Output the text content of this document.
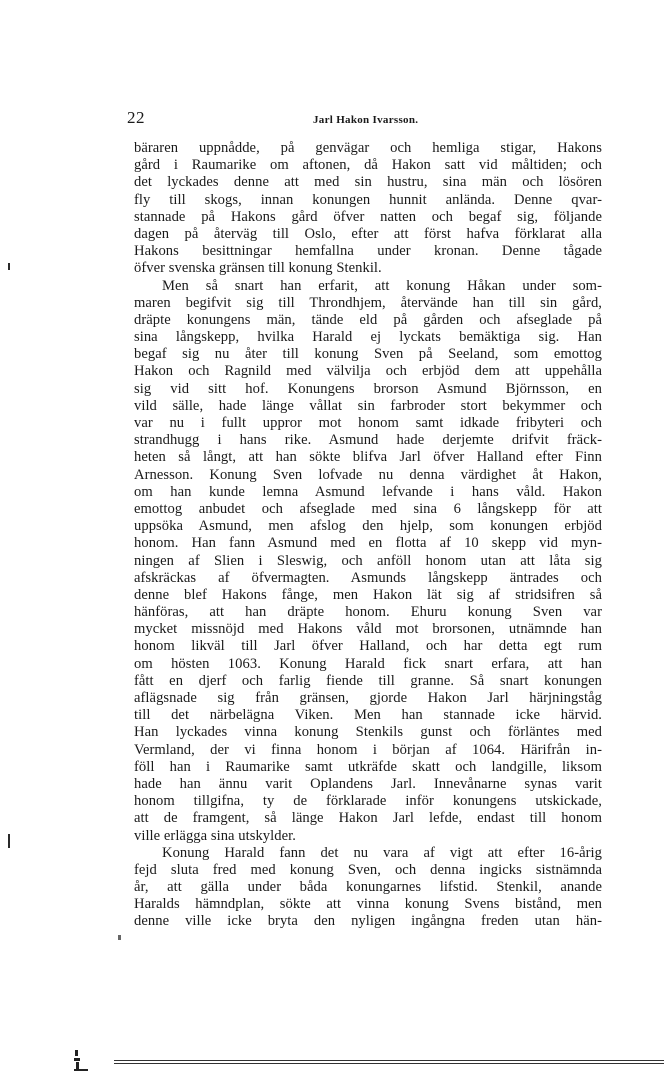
22	Jarl Hakon Ivarsson.
bäraren uppnådde, på genvägar och hemliga stigar, Hakons
gård i Raumarike om aftonen, då Hakon satt vid måltiden; och
det lyckades denne att med sin hustru, sina män och lösören
fly till skogs, innan konungen hunnit anlända. Denne qvar-
stannade på Hakons gård öfver natten och begaf sig, följande
dagen på återväg till Oslo, efter att först hafva förklarat alla
Hakons besittningar hemfallna under kronan. Denne tågade
öfver svenska gränsen till konung Stenkil.
Men så snart han erfarit, att konung Håkan under som-
maren begifvit sig till Throndhjem, återvände han till sin gård,
dräpte konungens män, tände eld på gården och afseglade på
sina långskepp, hvilka Harald ej lyckats bemäktiga sig. Han
begaf sig nu åter till konung Sven på Seeland, som emottog
Hakon och Ragnild med välvilja och erbjöd dem att uppehålla
sig vid sitt hof. Konungens brorson Asmund Björnsson, en
vild sälle, hade länge vållat sin farbroder stort bekymmer och
var nu i fullt uppror mot honom samt idkade fribyteri och
strandhugg i hans rike. Asmund hade derjemte drifvit fräck-
heten så långt, att han sökte blifva Jarl öfver Halland efter Finn
Arnesson. Konung Sven lofvade nu denna värdighet åt Hakon,
om han kunde lemna Asmund lefvande i hans våld. Hakon
emottog anbudet och afseglade med sina 6 långskepp för att
uppsöka Asmund, men afslog den hjelp, som konungen erbjöd
honom. Han fann Asmund med en flotta af 10 skepp vid myn-
ningen af Slien i Sleswig, och anföll honom utan att låta sig
afskräckas af öfvermagten. Asmunds långskepp äntrades och
denne blef Hakons fånge, men Hakon lät sig af stridsifren så
hänföras, att han dräpte honom. Ehuru konung Sven var
mycket missnöjd med Hakons våld mot brorsonen, utnämnde han
honom likväl till Jarl öfver Halland, och har detta egt rum
om hösten 1063. Konung Harald fick snart erfara, att han
fått en djerf och farlig fiende till granne. Så snart konungen
aflägsnade sig från gränsen, gjorde Hakon Jarl härjningståg
till det närbelägna Viken. Men han stannade icke härvid.
Han lyckades vinna konung Stenkils gunst och förläntes med
Vermland, der vi finna honom i början af 1064. Härifrån in-
föll han i Raumarike samt utkräfde skatt och landgille, liksom
hade han ännu varit Oplandens Jarl. Innevånarne synas varit
honom tillgifna, ty de förklarade inför konungens utskickade,
att de framgent, så länge Hakon Jarl lefde, endast till honom
ville erlägga sina utskylder.
Konung Harald fann det nu vara af vigt att efter 16-årig
fejd sluta fred med konung Sven, och denna ingicks sistnämnda
år, att gälla under båda konungarnes lifstid. Stenkil, anande
Haralds hämndplan, sökte att vinna konung Svens bistånd, men
denne ville icke bryta den nyligen ingångna freden utan hän-
